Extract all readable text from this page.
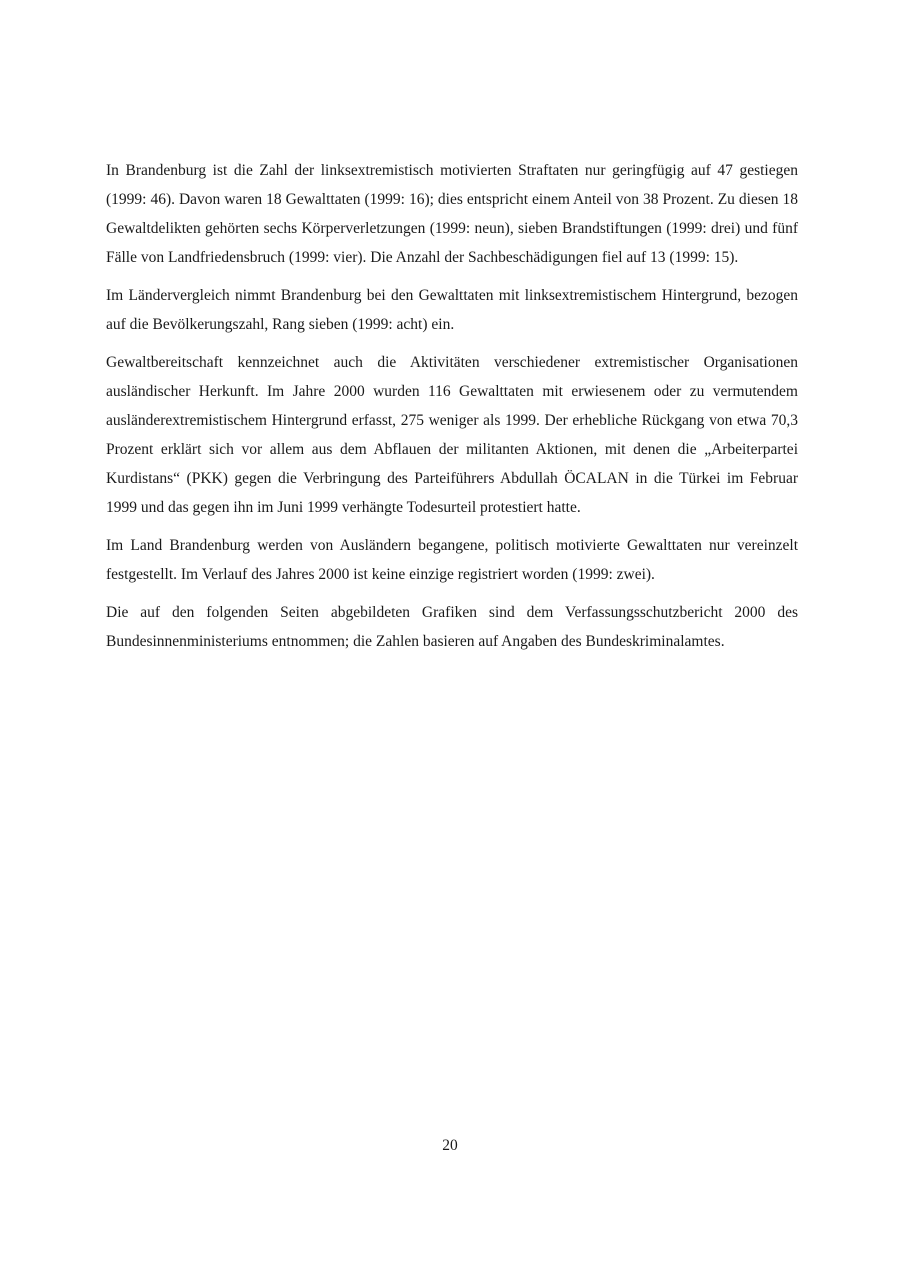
In Brandenburg ist die Zahl der linksextremistisch motivierten Straftaten nur geringfügig auf 47 gestiegen (1999: 46). Davon waren 18 Gewalttaten (1999: 16); dies entspricht einem Anteil von 38 Prozent. Zu diesen 18 Gewaltdelikten gehörten sechs Körperverletzungen (1999: neun), sieben Brandstiftungen (1999: drei) und fünf Fälle von Landfriedensbruch (1999: vier). Die Anzahl der Sachbeschädigungen fiel auf 13 (1999: 15).

Im Ländervergleich nimmt Brandenburg bei den Gewalttaten mit linksextremistischem Hintergrund, bezogen auf die Bevölkerungszahl, Rang sieben (1999: acht) ein.

Gewaltbereitschaft kennzeichnet auch die Aktivitäten verschiedener extremistischer Organisationen ausländischer Herkunft. Im Jahre 2000 wurden 116 Gewalttaten mit erwiesenem oder zu vermutendem ausländerextremistischem Hintergrund erfasst, 275 weniger als 1999. Der erhebliche Rückgang von etwa 70,3 Prozent erklärt sich vor allem aus dem Abflauen der militanten Aktionen, mit denen die „Arbeiterpartei Kurdistans“ (PKK) gegen die Verbringung des Parteiführers Abdullah ÖCALAN in die Türkei im Februar 1999 und das gegen ihn im Juni 1999 verhängte Todesurteil protestiert hatte.

Im Land Brandenburg werden von Ausländern begangene, politisch motivierte Gewalttaten nur vereinzelt festgestellt. Im Verlauf des Jahres 2000 ist keine einzige registriert worden (1999: zwei).

Die auf den folgenden Seiten abgebildeten Grafiken sind dem Verfassungsschutzbericht 2000 des Bundesinnenministeriums entnommen; die Zahlen basieren auf Angaben des Bundeskriminalamtes.

20
